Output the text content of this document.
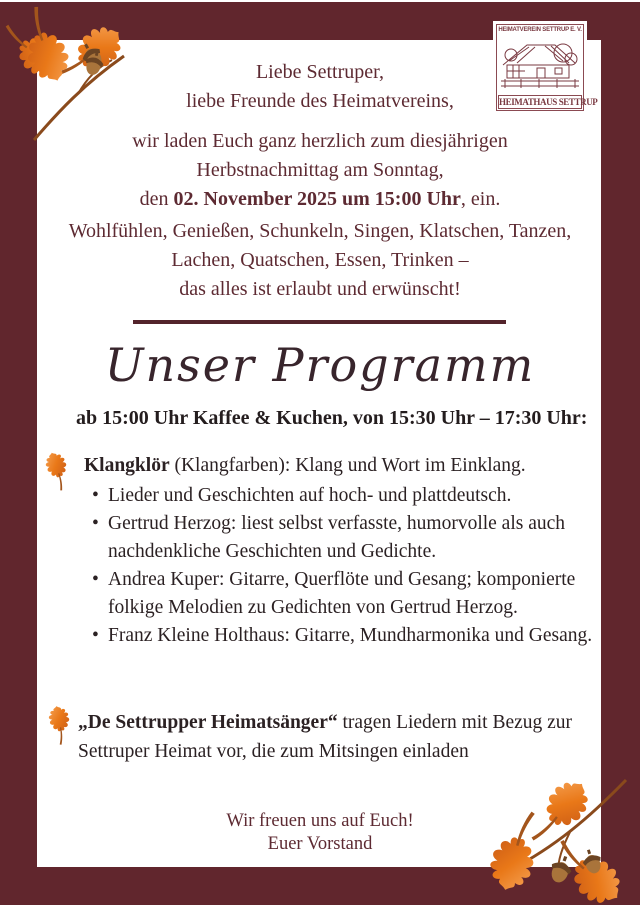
HEIMATVEREIN SETTRUP E. V.
HEIMATHAUS SETTRUP
Liebe Settruper,
liebe Freunde des Heimatvereins,
wir laden Euch ganz herzlich zum diesjährigen
Herbstnachmittag am Sonntag,
den 02. November 2025 um 15:00 Uhr, ein.
Wohlfühlen, Genießen, Schunkeln, Singen, Klatschen, Tanzen,
Lachen, Quatschen, Essen, Trinken –
das alles ist erlaubt und erwünscht!
Unser Programm
ab 15:00 Uhr Kaffee & Kuchen, von 15:30 Uhr – 17:30 Uhr:
Klangklör (Klangfarben): Klang und Wort im Einklang.
• Lieder und Geschichten auf hoch- und plattdeutsch.
• Gertrud Herzog: liest selbst verfasste, humorvolle als auch nachdenkliche Geschichten und Gedichte.
• Andrea Kuper: Gitarre, Querflöte und Gesang; komponierte folkige Melodien zu Gedichten von Gertrud Herzog.
• Franz Kleine Holthaus: Gitarre, Mundharmonika und Gesang.
„De Settrupper Heimatsänger“ tragen Liedern mit Bezug zur Settruper Heimat vor, die zum Mitsingen einladen
Wir freuen uns auf Euch!
Euer Vorstand
